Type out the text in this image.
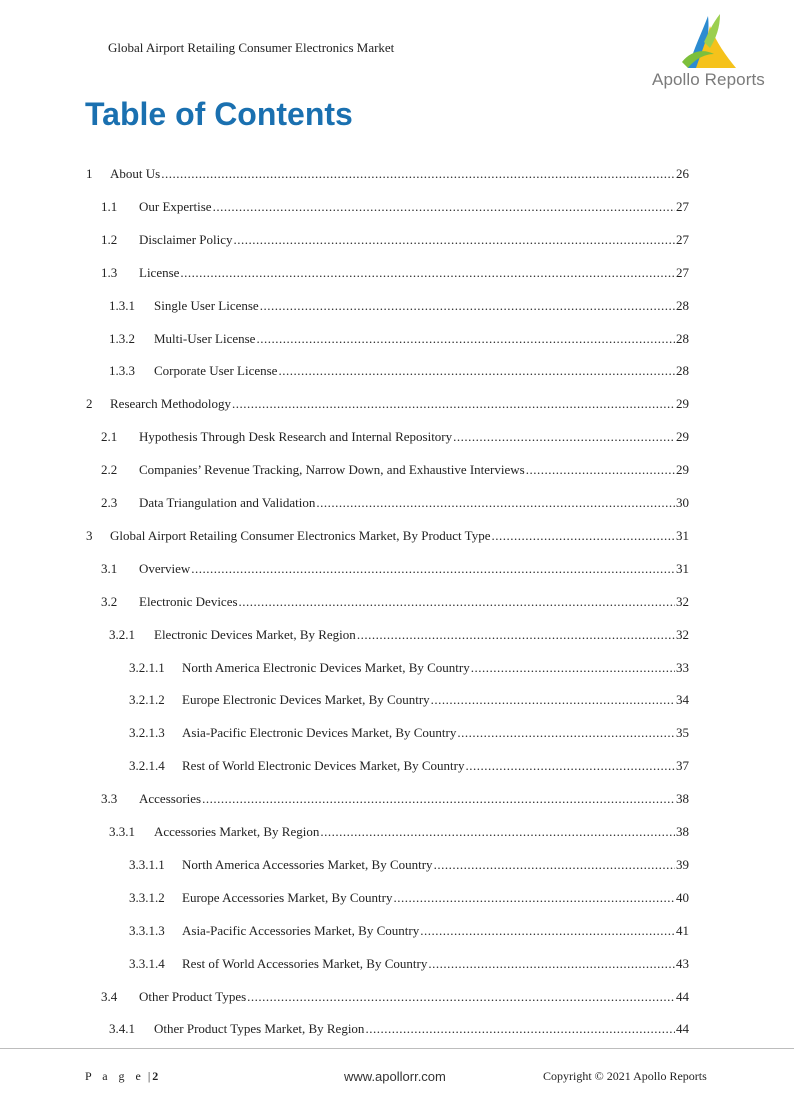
Global Airport Retailing Consumer Electronics Market
Apollo Reports
Table of Contents
1	About Us .....	26
1.1	Our Expertise .....	27
1.2	Disclaimer Policy .....	27
1.3	License .....	27
1.3.1	Single User License .....	28
1.3.2	Multi-User License .....	28
1.3.3	Corporate User License .....	28
2	Research Methodology .....	29
2.1	Hypothesis Through Desk Research and Internal Repository .....	29
2.2	Companies’ Revenue Tracking, Narrow Down, and Exhaustive Interviews .....	29
2.3	Data Triangulation and Validation .....	30
3	Global Airport Retailing Consumer Electronics Market, By Product Type .....	31
3.1	Overview .....	31
3.2	Electronic Devices .....	32
3.2.1	Electronic Devices Market, By Region .....	32
3.2.1.1	North America Electronic Devices Market, By Country .....	33
3.2.1.2	Europe Electronic Devices Market, By Country .....	34
3.2.1.3	Asia-Pacific Electronic Devices Market, By Country .....	35
3.2.1.4	Rest of World Electronic Devices Market, By Country .....	37
3.3	Accessories .....	38
3.3.1	Accessories Market, By Region .....	38
3.3.1.1	North America Accessories Market, By Country .....	39
3.3.1.2	Europe Accessories Market, By Country .....	40
3.3.1.3	Asia-Pacific Accessories Market, By Country .....	41
3.3.1.4	Rest of World Accessories Market, By Country .....	43
3.4	Other Product Types .....	44
3.4.1	Other Product Types Market, By Region .....	44
P a g e | 2	www.apollorr.com	Copyright © 2021 Apollo Reports
